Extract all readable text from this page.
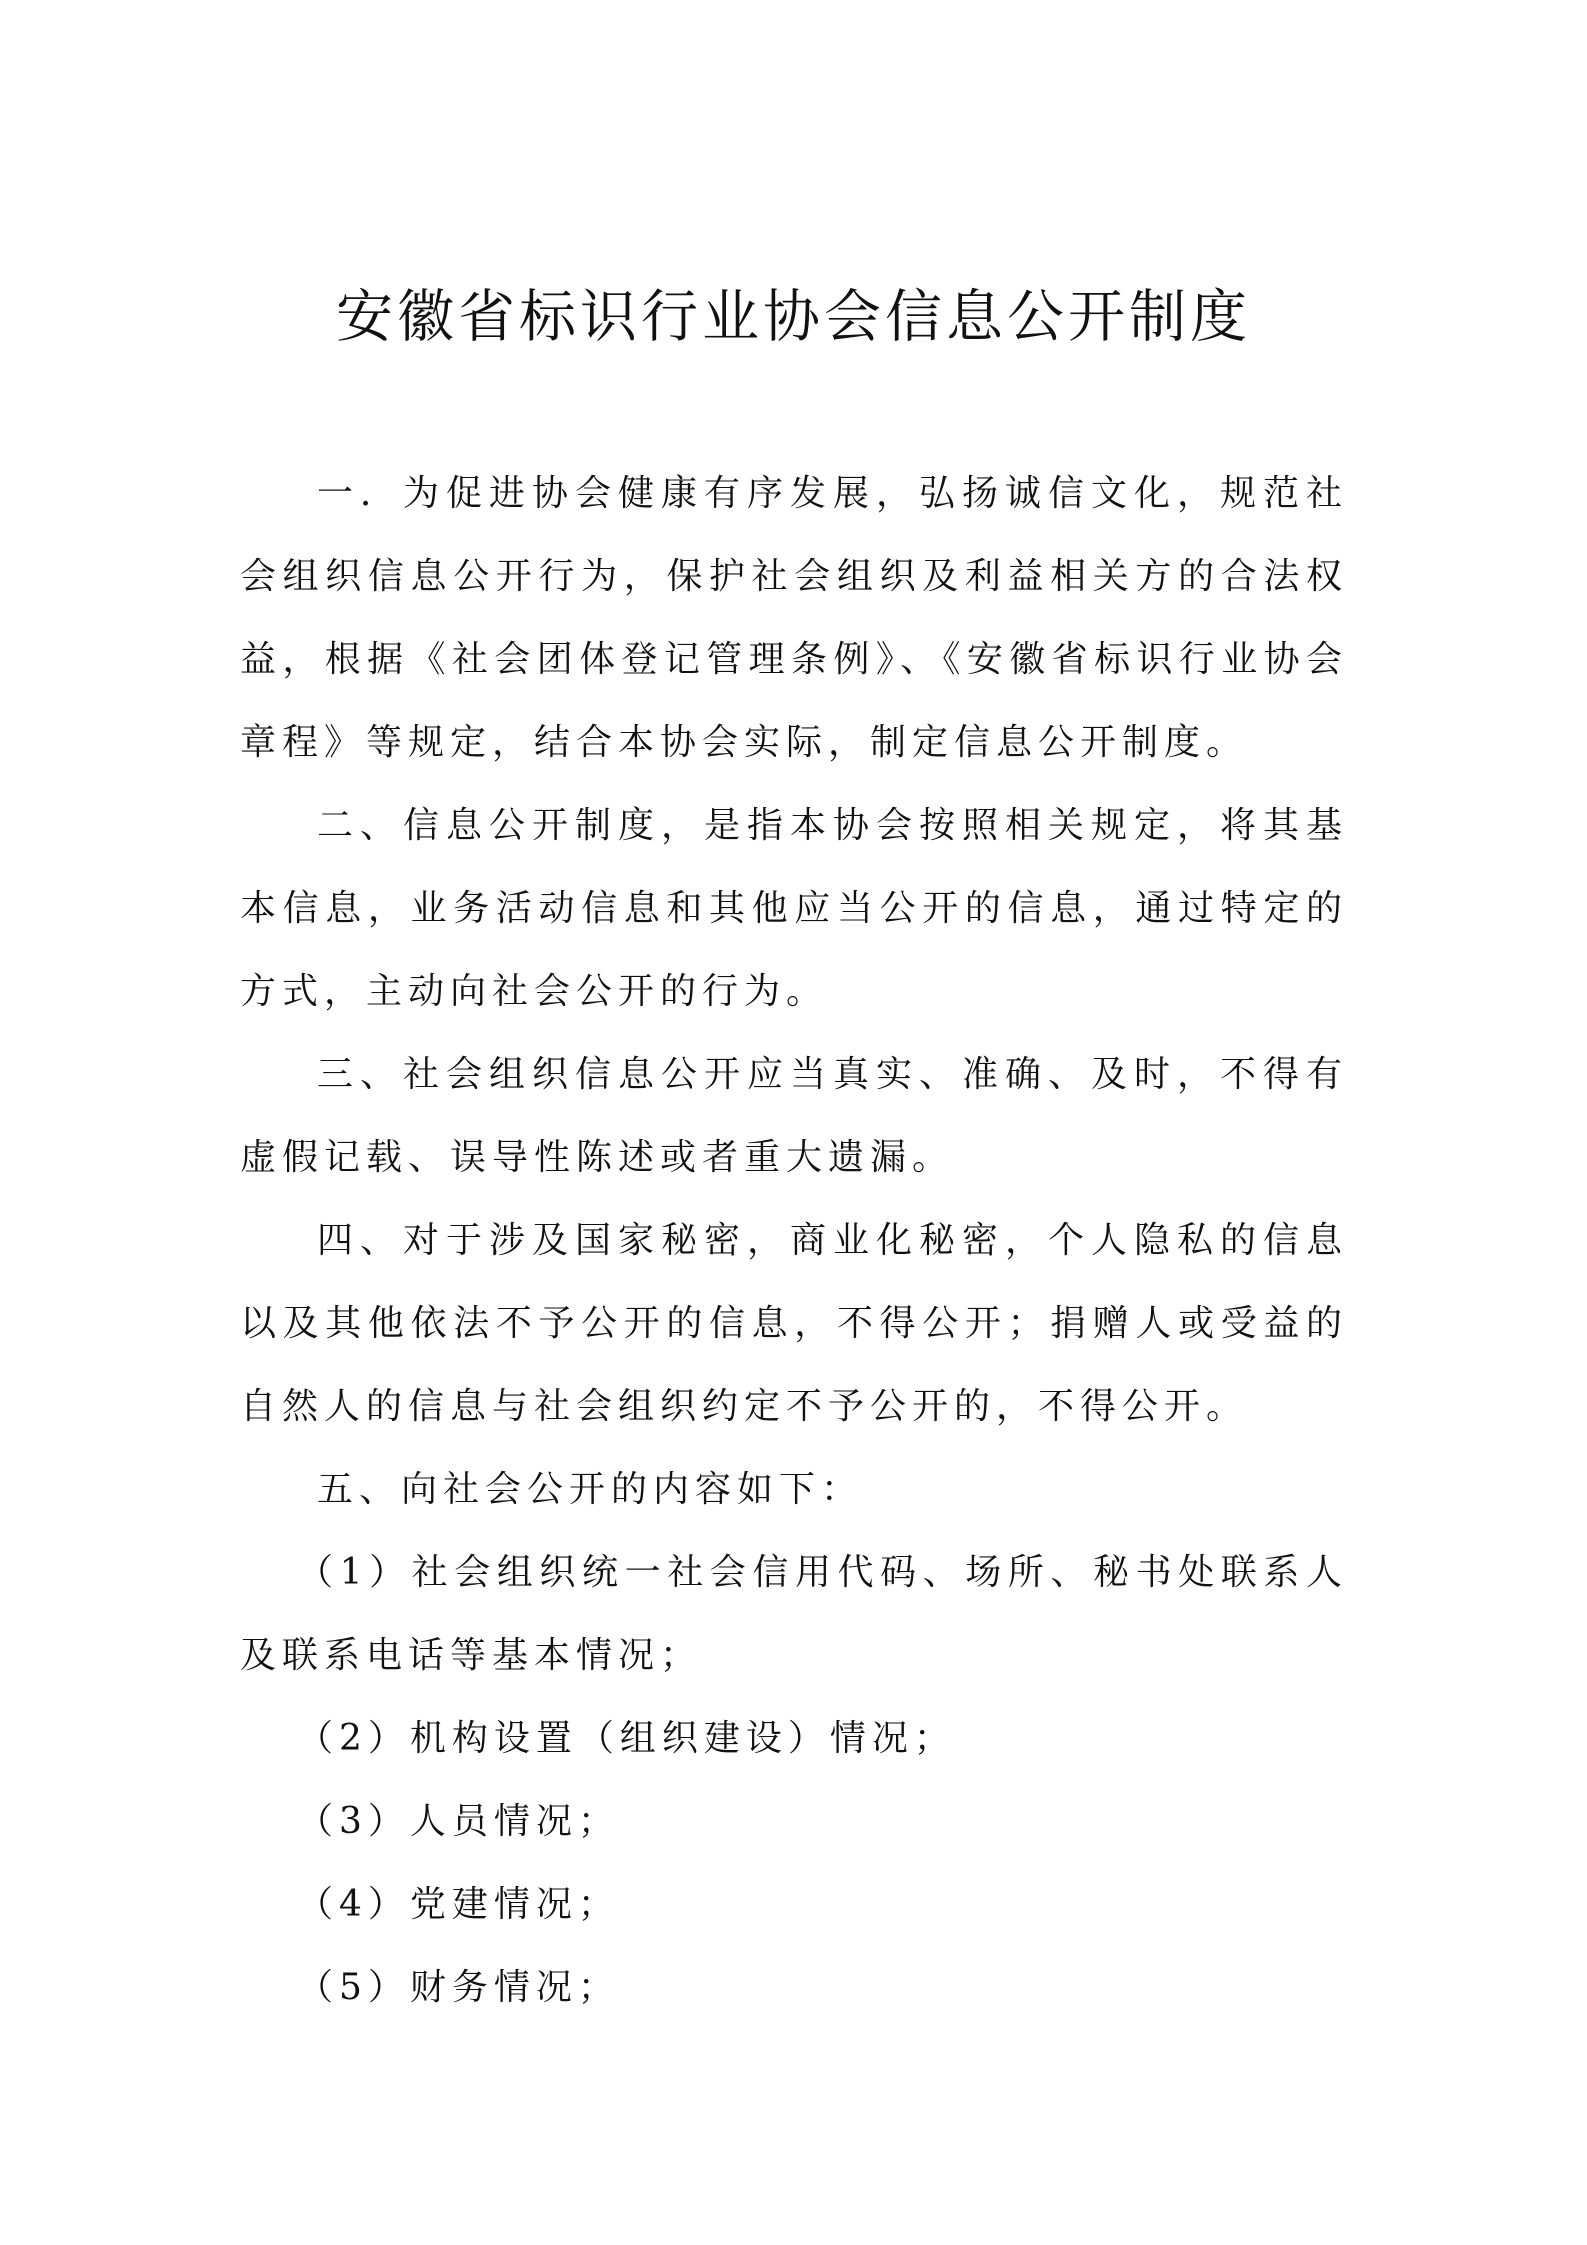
安徽省标识行业协会信息公开制度

一．为促进协会健康有序发展，弘扬诚信文化，规范社会组织信息公开行为，保护社会组织及利益相关方的合法权益，根据《社会团体登记管理条例》、《安徽省标识行业协会章程》等规定，结合本协会实际，制定信息公开制度。

二、信息公开制度，是指本协会按照相关规定，将其基本信息，业务活动信息和其他应当公开的信息，通过特定的方式，主动向社会公开的行为。

三、社会组织信息公开应当真实、准确、及时，不得有虚假记载、误导性陈述或者重大遗漏。

四、对于涉及国家秘密，商业化秘密，个人隐私的信息以及其他依法不予公开的信息，不得公开；捐赠人或受益的自然人的信息与社会组织约定不予公开的，不得公开。

五、向社会公开的内容如下：

（1）社会组织统一社会信用代码、场所、秘书处联系人及联系电话等基本情况；

（2）机构设置（组织建设）情况；

（3）人员情况；

（4）党建情况；

（5）财务情况；
